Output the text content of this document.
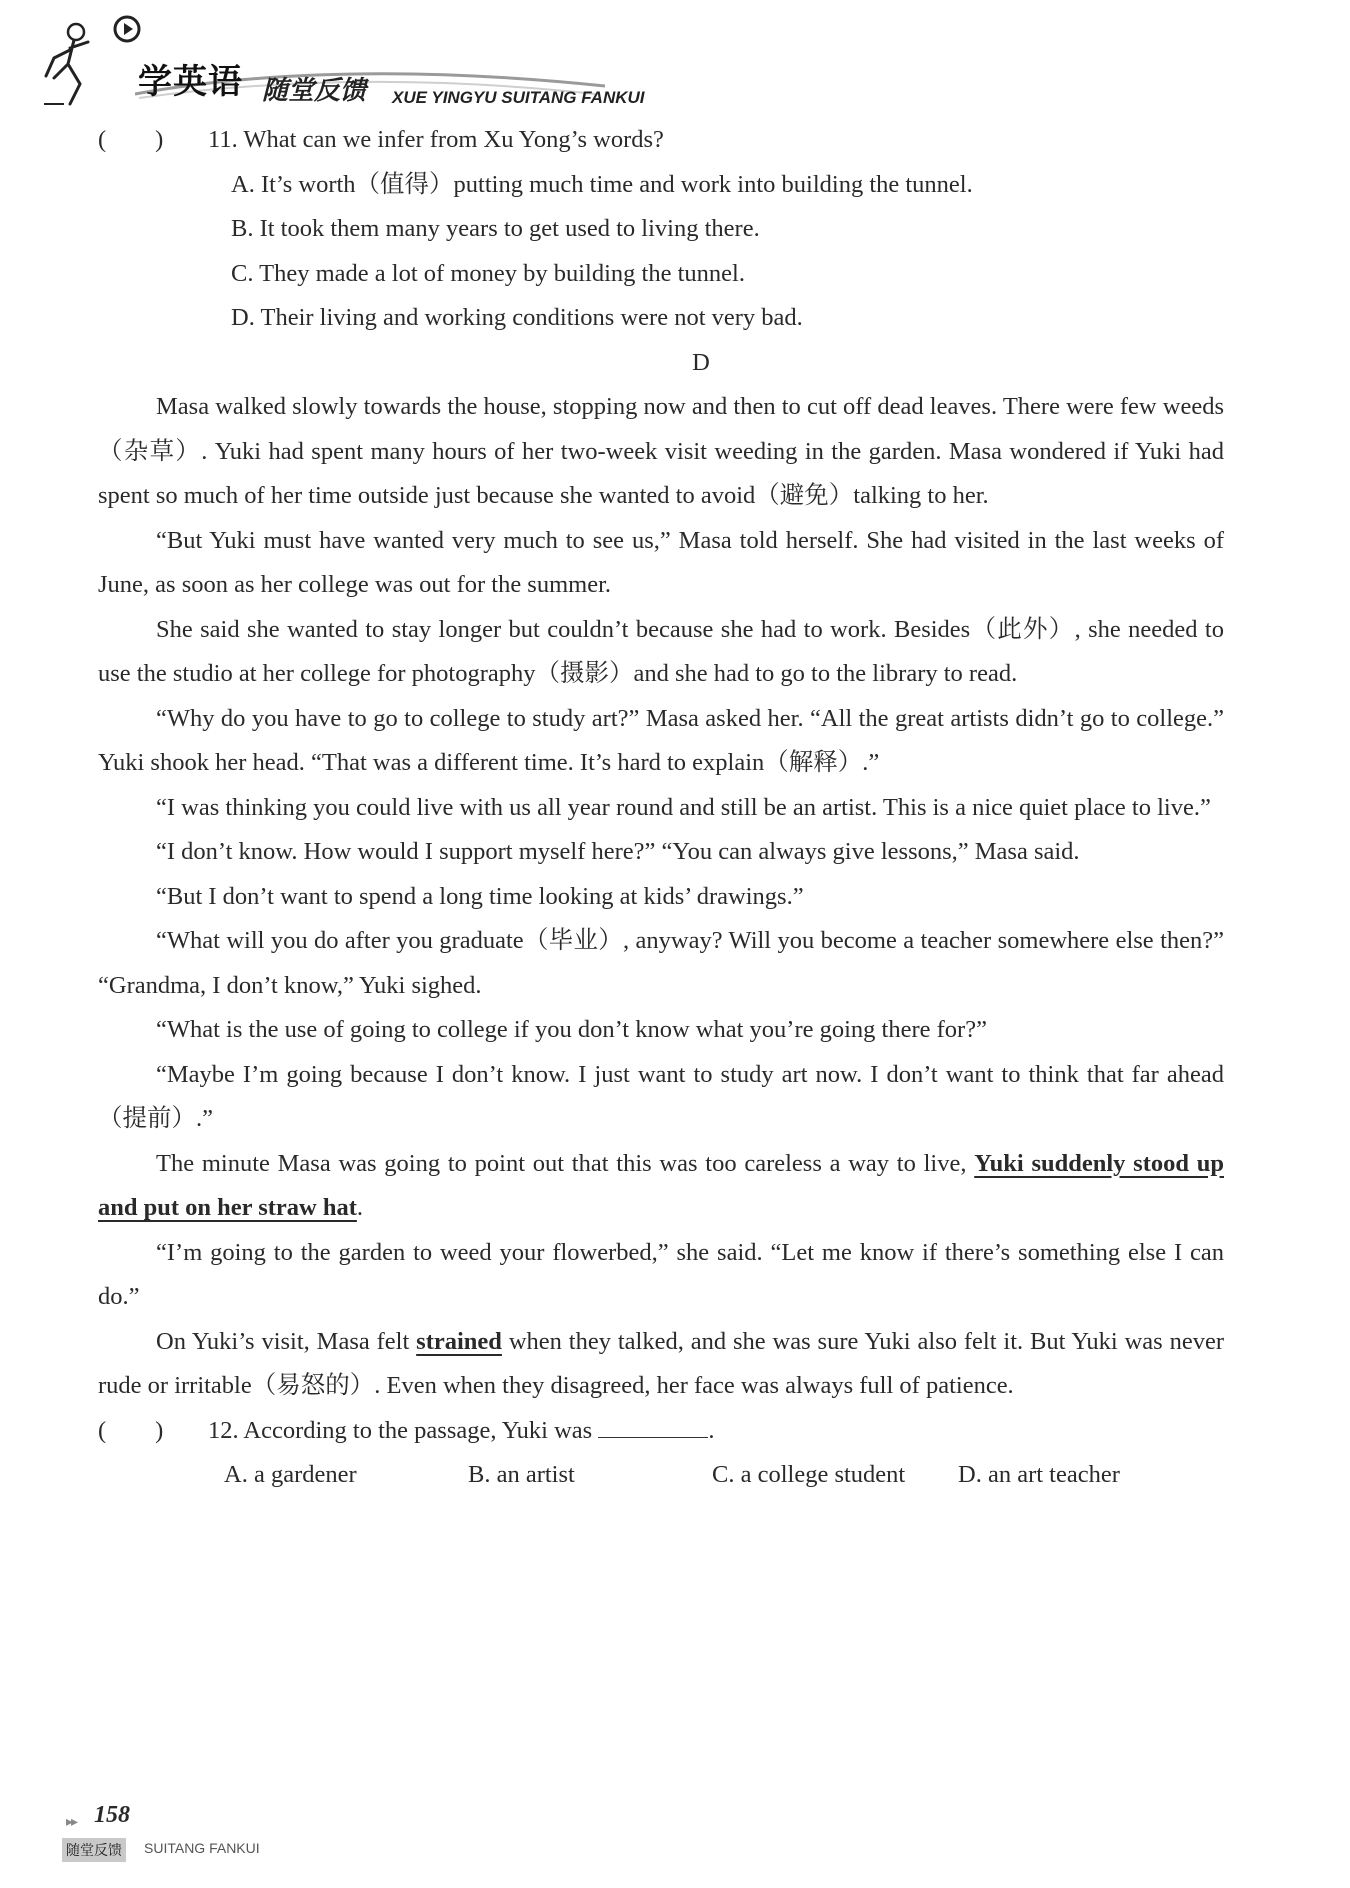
学英语 随堂反馈 XUE YINGYU SUITANG FANKUI
(        )	11. What can we infer from Xu Yong’s words?
A. It’s worth（值得）putting much time and work into building the tunnel.
B. It took them many years to get used to living there.
C. They made a lot of money by building the tunnel.
D. Their living and working conditions were not very bad.
D
Masa walked slowly towards the house, stopping now and then to cut off dead leaves. There were few weeds（杂草）. Yuki had spent many hours of her two-week visit weeding in the garden. Masa wondered if Yuki had spent so much of her time outside just because she wanted to avoid（避免）talking to her.
“But Yuki must have wanted very much to see us,” Masa told herself. She had visited in the last weeks of June, as soon as her college was out for the summer.
She said she wanted to stay longer but couldn’t because she had to work. Besides（此外）, she needed to use the studio at her college for photography（摄影）and she had to go to the library to read.
“Why do you have to go to college to study art?” Masa asked her. “All the great artists didn’t go to college.” Yuki shook her head. “That was a different time. It’s hard to explain（解释）.”
“I was thinking you could live with us all year round and still be an artist. This is a nice quiet place to live.”
“I don’t know. How would I support myself here?” “You can always give lessons,” Masa said.
“But I don’t want to spend a long time looking at kids’ drawings.”
“What will you do after you graduate（毕业）, anyway? Will you become a teacher somewhere else then?” “Grandma, I don’t know,” Yuki sighed.
“What is the use of going to college if you don’t know what you’re going there for?”
“Maybe I’m going because I don’t know. I just want to study art now. I don’t want to think that far ahead（提前）.”
The minute Masa was going to point out that this was too careless a way to live, Yuki suddenly stood up and put on her straw hat.
“I’m going to the garden to weed your flowerbed,” she said. “Let me know if there’s something else I can do.”
On Yuki’s visit, Masa felt strained when they talked, and she was sure Yuki also felt it. But Yuki was never rude or irritable（易怒的）. Even when they disagreed, her face was always full of patience.
(        )	12. According to the passage, Yuki was	.
A. a gardener	B. an artist	C. a college student	D. an art teacher
▸▸ 158
随堂反馈 SUITANG FANKUI
